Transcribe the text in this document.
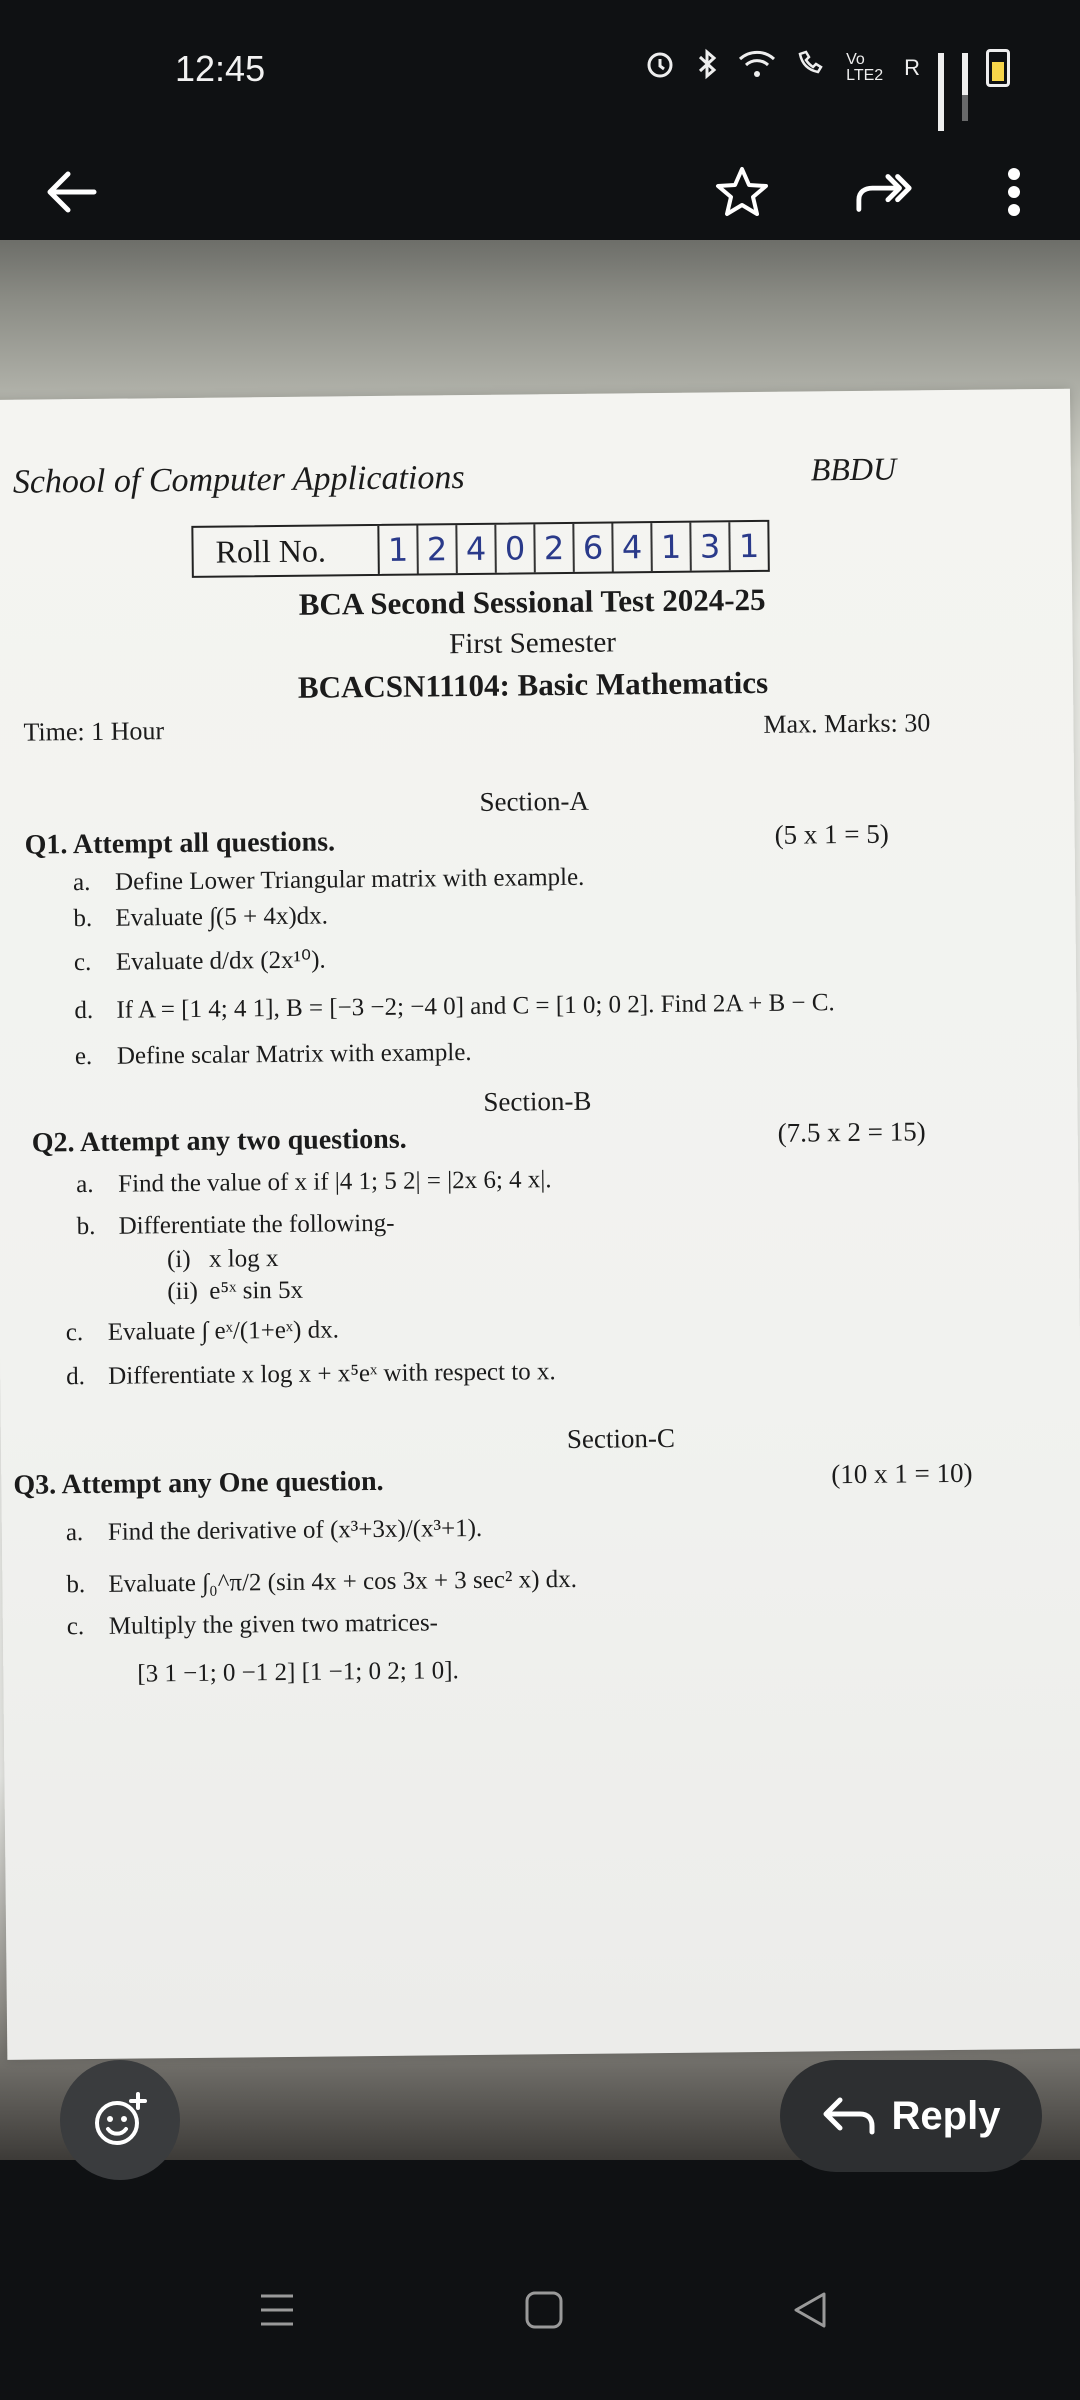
12:45	Vo LTE2 R
School of Computer Applications	BBDU
Roll No.	1 2 4 0 2 6 4 1 3 1
BCA Second Sessional Test 2024-25
First Semester
BCACSN11104: Basic Mathematics
Time: 1 Hour	Max. Marks: 30
Section-A
Q1. Attempt all questions.	(5 x 1 = 5)
a. Define Lower Triangular matrix with example.
b. Evaluate ∫(5 + 4x)dx.
c. Evaluate d/dx (2x¹⁰).
d. If A = [1 4; 4 1], B = [−3 −2; −4 0] and C = [1 0; 0 2]. Find 2A + B − C.
e. Define scalar Matrix with example.
Section-B
Q2. Attempt any two questions.	(7.5 x 2 = 15)
a. Find the value of x if |4 1; 5 2| = |2x 6; 4 x|.
b. Differentiate the following-
(i) x log x
(ii) e⁵ˣ sin 5x
c. Evaluate ∫ eˣ/(1+eˣ) dx.
d. Differentiate x log x + x⁵eˣ with respect to x.
Section-C
Q3. Attempt any One question.	(10 x 1 = 10)
a. Find the derivative of (x³+3x)/(x³+1).
b. Evaluate ∫₀^π/2 (sin 4x + cos 3x + 3 sec² x) dx.
c. Multiply the given two matrices-
[3 1 −1; 0 −1 2] [1 −1; 0 2; 1 0].
Reply
